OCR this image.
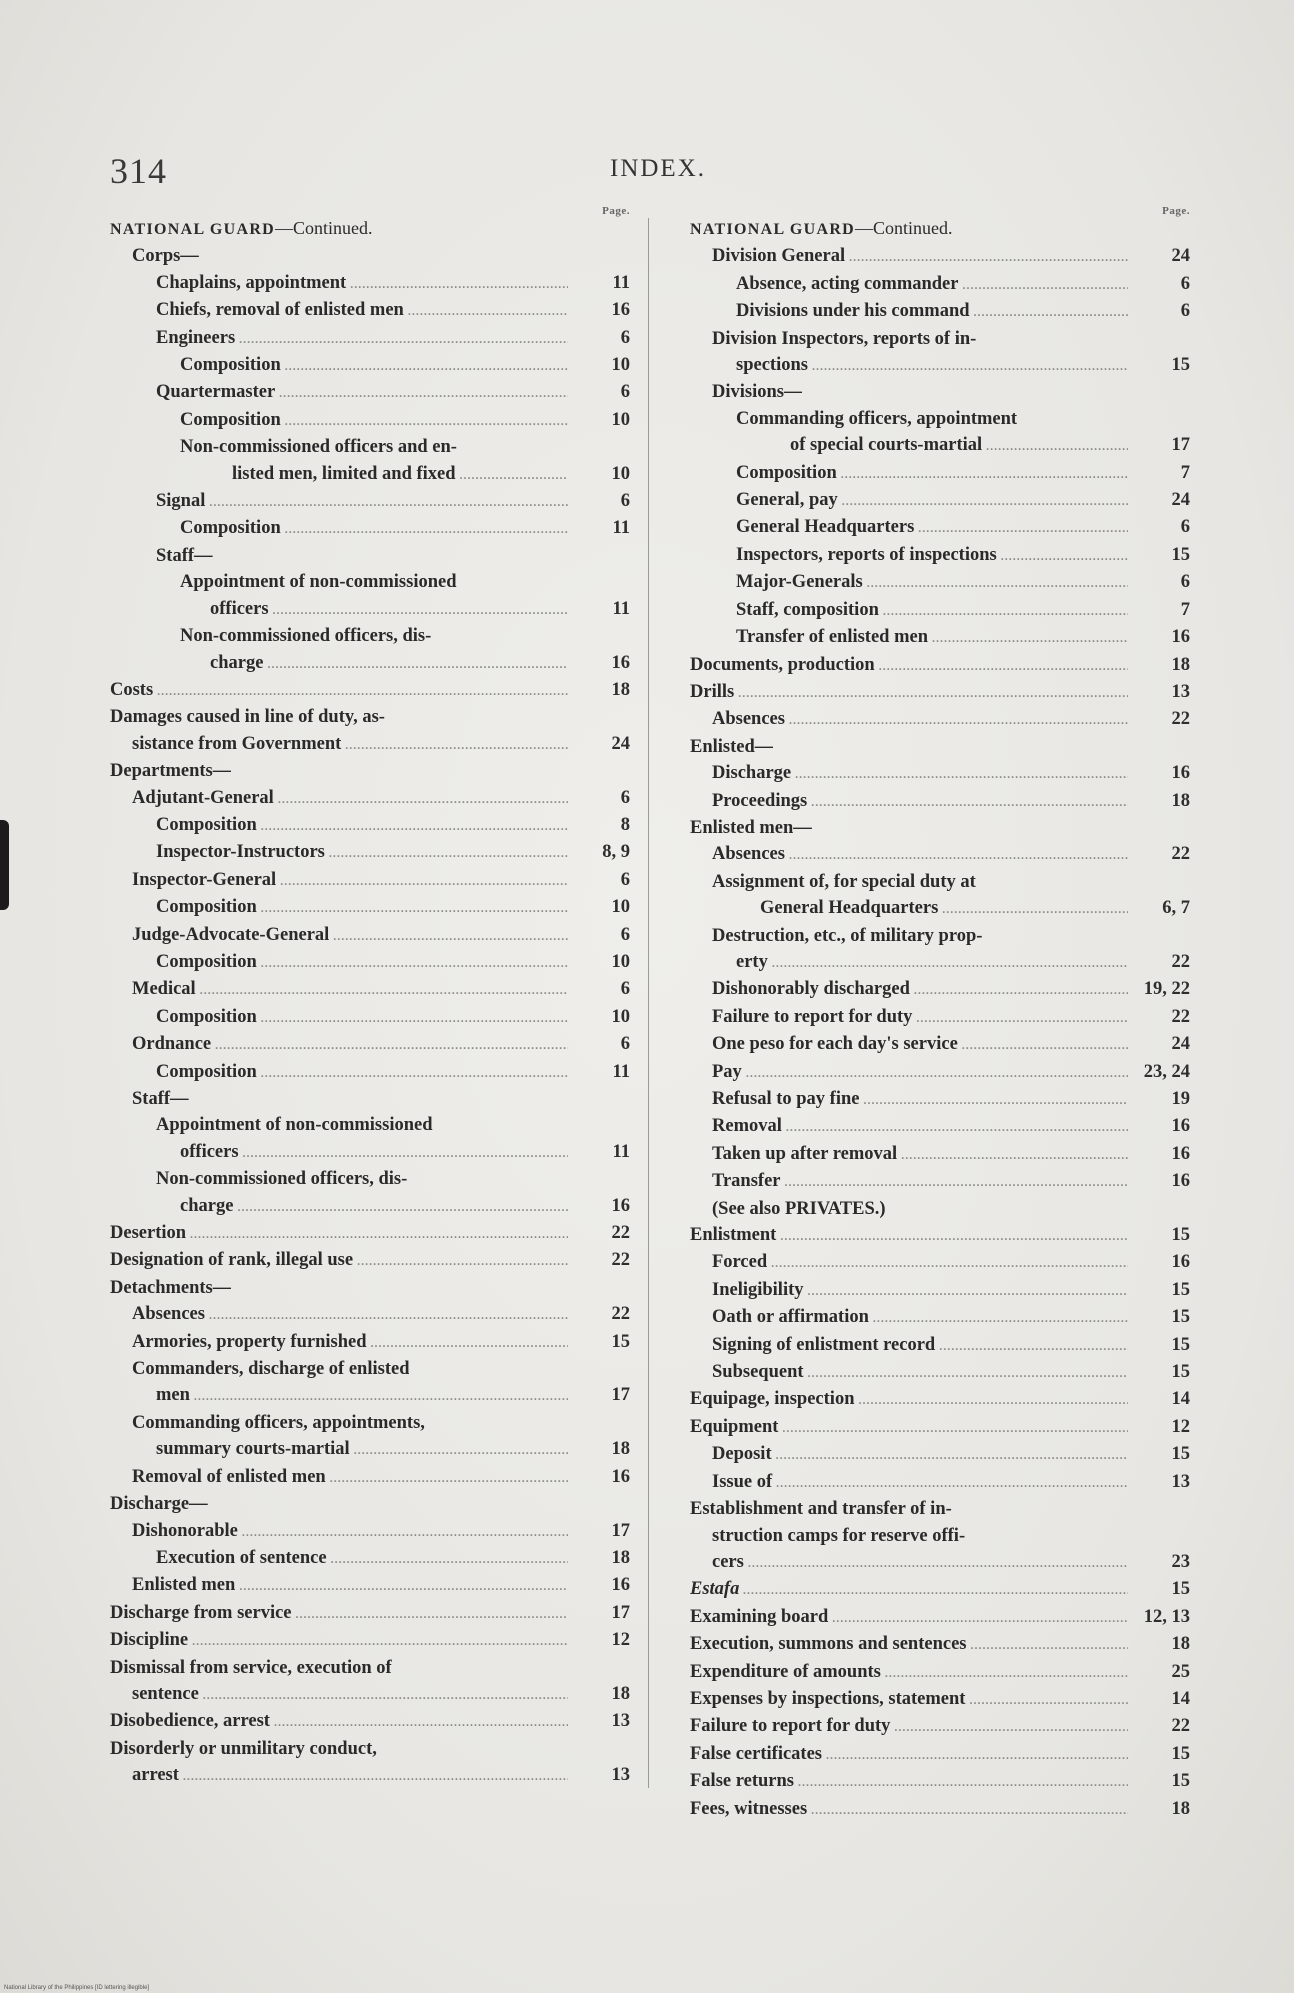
314	INDEX.
Page.
NATIONAL GUARD—Continued.
Corps—
Chaplains, appointment .....	11
Chiefs, removal of enlisted men .....	16
Engineers .....	6
Composition .....	10
Quartermaster .....	6
Composition .....	10
Non-commissioned officers and en-
listed men, limited and fixed .....	10
Signal .....	6
Composition .....	11
Staff—
Appointment of non-commissioned
officers .....	11
Non-commissioned officers, dis-
charge .....	16
Costs .....	18
Damages caused in line of duty, as-
sistance from Government .....	24
Departments—
Adjutant-General .....	6
Composition .....	8
Inspector-Instructors .....	8, 9
Inspector-General .....	6
Composition .....	10
Judge-Advocate-General .....	6
Composition .....	10
Medical .....	6
Composition .....	10
Ordnance .....	6
Composition .....	11
Staff—
Appointment of non-commissioned
officers .....	11
Non-commissioned officers, dis-
charge .....	16
Desertion .....	22
Designation of rank, illegal use .....	22
Detachments—
Absences .....	22
Armories, property furnished .....	15
Commanders, discharge of enlisted
men .....	17
Commanding officers, appointments,
summary courts-martial .....	18
Removal of enlisted men .....	16
Discharge—
Dishonorable .....	17
Execution of sentence .....	18
Enlisted men .....	16
Discharge from service .....	17
Discipline .....	12
Dismissal from service, execution of
sentence .....	18
Disobedience, arrest .....	13
Disorderly or unmilitary conduct,
arrest .....	13
Page.
NATIONAL GUARD—Continued.
Division General .....	24
Absence, acting commander .....	6
Divisions under his command .....	6
Division Inspectors, reports of in-
spections .....	15
Divisions—
Commanding officers, appointment
of special courts-martial .....	17
Composition .....	7
General, pay .....	24
General Headquarters .....	6
Inspectors, reports of inspections .....	15
Major-Generals .....	6
Staff, composition .....	7
Transfer of enlisted men .....	16
Documents, production .....	18
Drills .....	13
Absences .....	22
Enlisted—
Discharge .....	16
Proceedings .....	18
Enlisted men—
Absences .....	22
Assignment of, for special duty at
General Headquarters .....	6, 7
Destruction, etc., of military prop-
erty .....	22
Dishonorably discharged .....	19, 22
Failure to report for duty .....	22
One peso for each day's service .....	24
Pay .....	23, 24
Refusal to pay fine .....	19
Removal .....	16
Taken up after removal .....	16
Transfer .....	16
(See also PRIVATES.)
Enlistment .....	15
Forced .....	16
Ineligibility .....	15
Oath or affirmation .....	15
Signing of enlistment record .....	15
Subsequent .....	15
Equipage, inspection .....	14
Equipment .....	12
Deposit .....	15
Issue of .....	13
Establishment and transfer of in-
struction camps for reserve offi-
cers .....	23
Estafa .....	15
Examining board .....	12, 13
Execution, summons and sentences .....	18
Expenditure of amounts .....	25
Expenses by inspections, statement .....	14
Failure to report for duty .....	22
False certificates .....	15
False returns .....	15
Fees, witnesses .....	18
National Library of the Philippines [ID lettering illegible]
